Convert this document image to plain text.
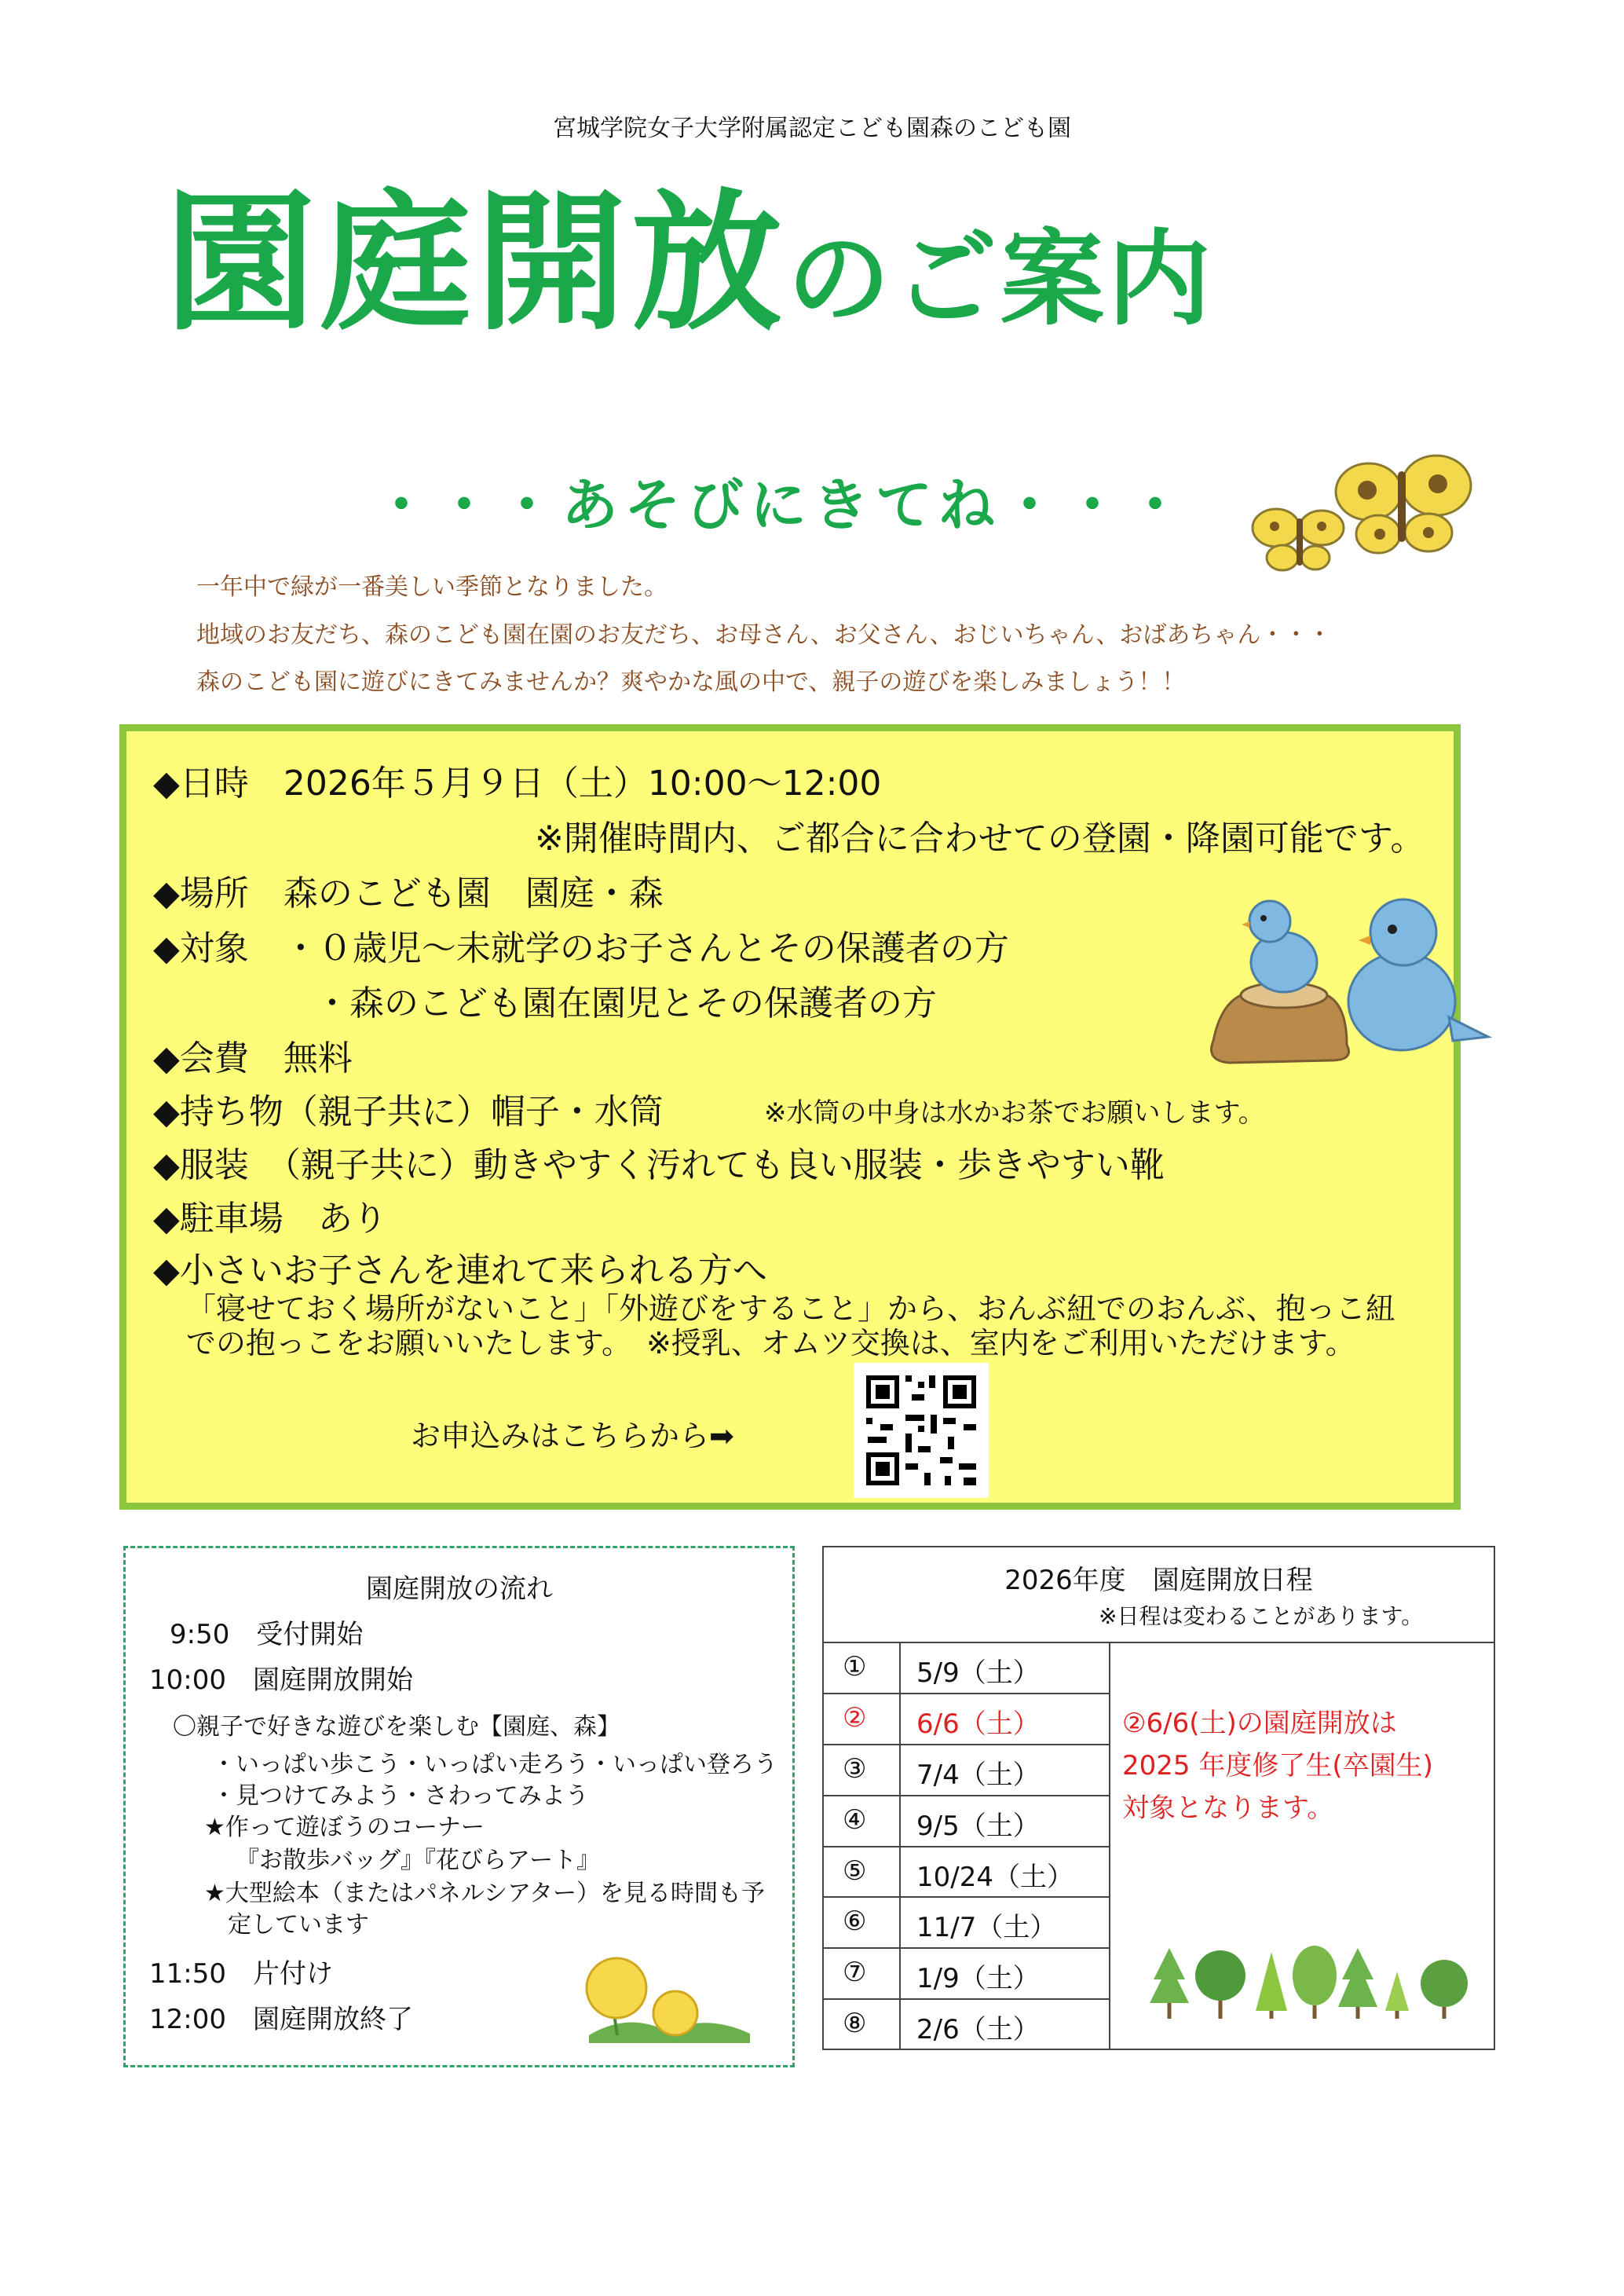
宮城学院女子大学附属認定こども園森のこども園
園庭開放のご案内
・・・あそびにきてね・・・
一年中で緑が一番美しい季節となりました。
地域のお友だち、森のこども園在園のお友だち、お母さん、お父さん、おじいちゃん、おばあちゃん・・・
森のこども園に遊びにきてみませんか？爽やかな風の中で、親子の遊びを楽しみましょう！！
◆日時　2026年５月９日（土）10:00～12:00
※開催時間内、ご都合に合わせての登園・降園可能です。
◆場所　森のこども園　園庭・森
◆対象　・０歳児～未就学のお子さんとその保護者の方
・森のこども園在園児とその保護者の方
◆会費　無料
◆持ち物（親子共に）帽子・水筒	※水筒の中身は水かお茶でお願いします。
◆服装　（親子共に）動きやすく汚れても良い服装・歩きやすい靴
◆駐車場　あり
◆小さいお子さんを連れて来られる方へ
「寝せておく場所がないこと」「外遊びをすること」から、おんぶ紐でのおんぶ、抱っこ紐
での抱っこをお願いいたします。　※授乳、オムツ交換は、室内をご利用いただけます。
お申込みはこちらから➡
園庭開放の流れ
9:50　受付開始
10:00　園庭開放開始
〇親子で好きな遊びを楽しむ【園庭、森】
・いっぱい歩こう・いっぱい走ろう・いっぱい登ろう
・見つけてみよう・さわってみよう
★作って遊ぼうのコーナー
『お散歩バッグ』『花びらアート』
★大型絵本（またはパネルシアター）を見る時間も予
定しています
11:50　片付け
12:00　園庭開放終了
2026年度　園庭開放日程
※日程は変わることがあります。
① 5/9（土）
② 6/6（土）
③ 7/4（土）
④ 9/5（土）
⑤ 10/24（土）
⑥ 11/7（土）
⑦ 1/9（土）
⑧ 2/6（土）
②6/6(土)の園庭開放は
2025 年度修了生(卒園生)
対象となります。
